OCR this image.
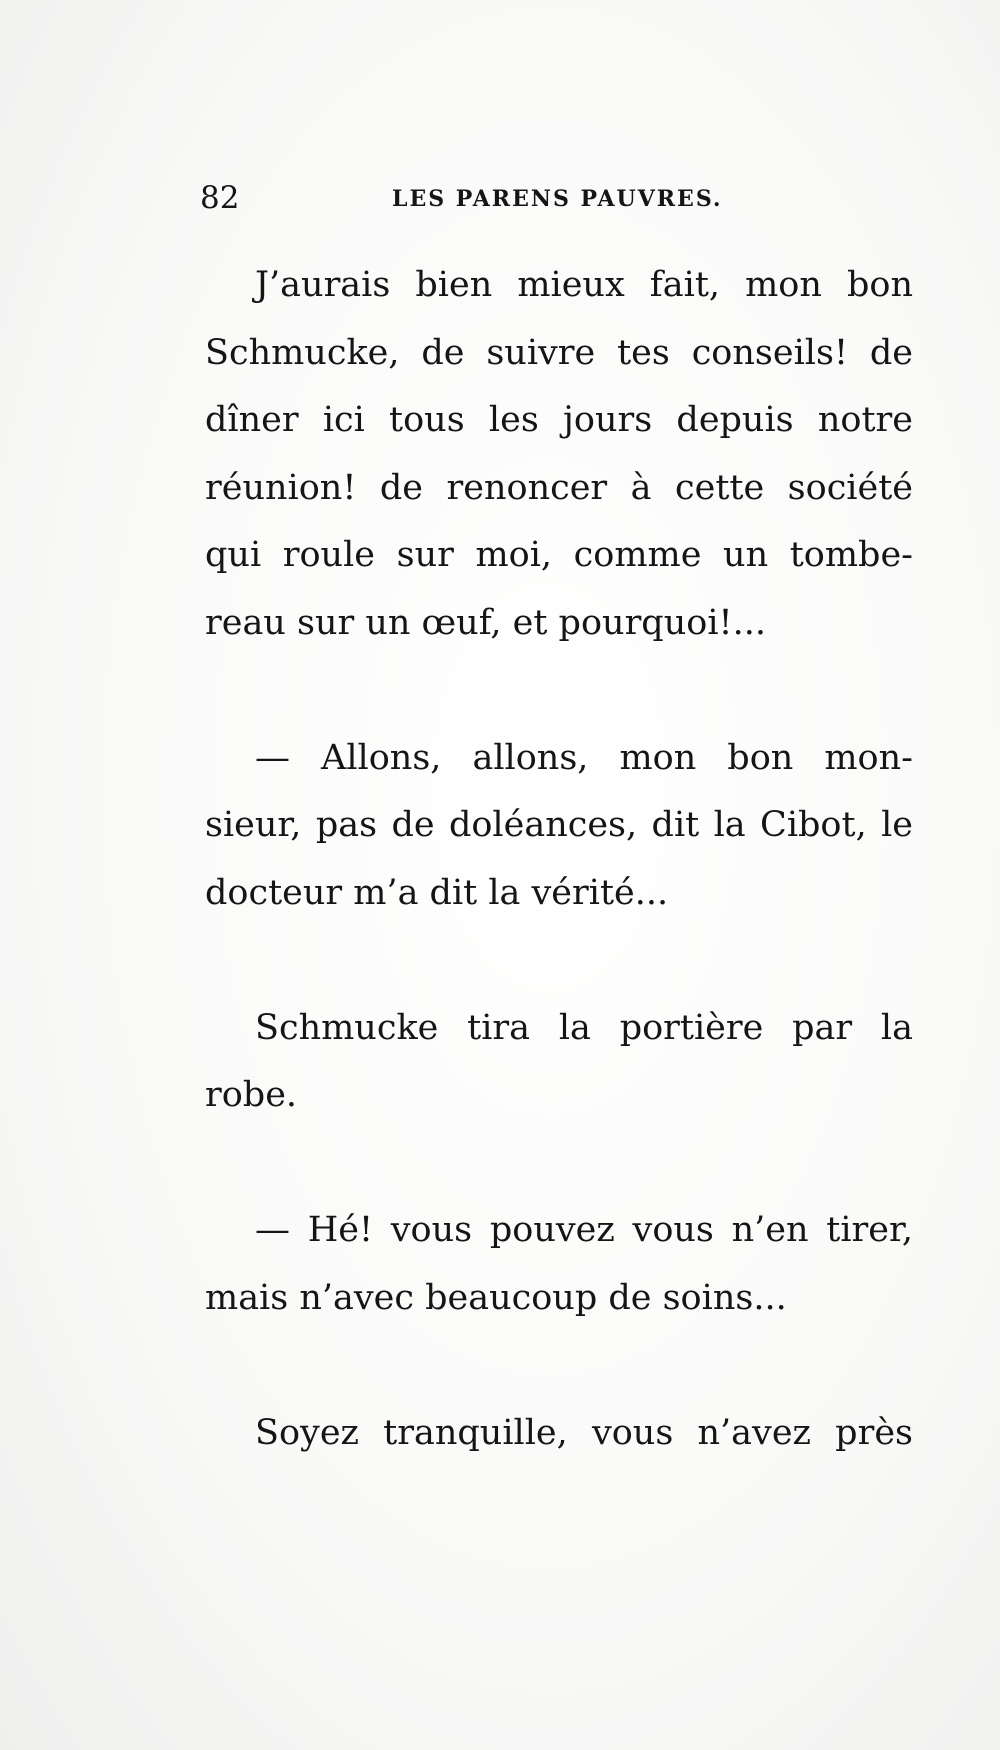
82	LES PARENS PAUVRES.
J’aurais bien mieux fait, mon bon
Schmucke, de suivre tes conseils! de
dîner ici tous les jours depuis notre
réunion! de renoncer à cette société
qui roule sur moi, comme un tombe-
reau sur un œuf, et pourquoi!...
— Allons, allons, mon bon mon-
sieur, pas de doléances, dit la Cibot, le
docteur m’a dit la vérité...
Schmucke tira la portière par la
robe.
— Hé! vous pouvez vous n’en tirer,
mais n’avec beaucoup de soins...
Soyez tranquille, vous n’avez près
